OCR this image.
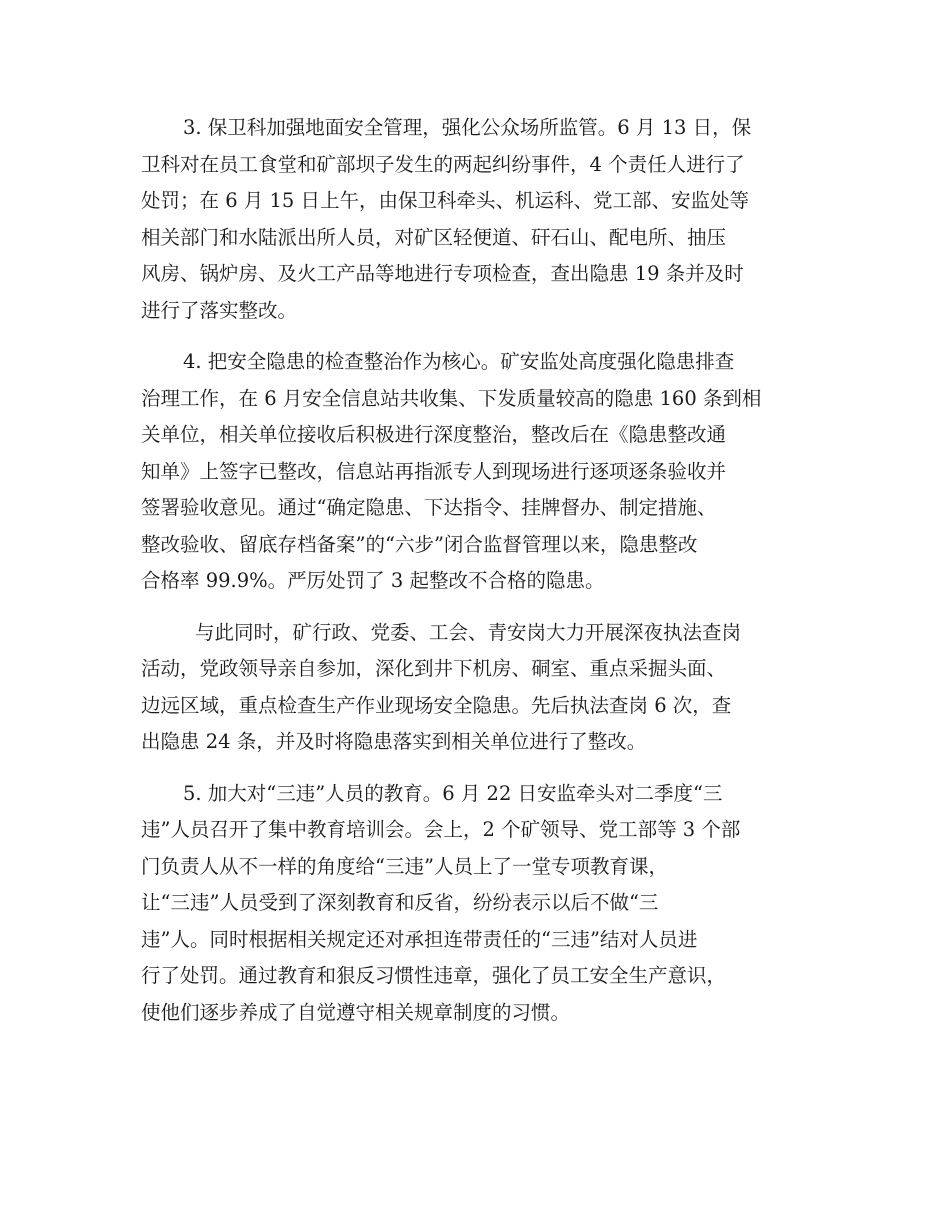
3. 保卫科加强地面安全管理，强化公众场所监管。6 月 13 日，保
卫科对在员工食堂和矿部坝子发生的两起纠纷事件，4 个责任人进行了
处罚；在 6 月 15 日上午，由保卫科牵头、机运科、党工部、安监处等
相关部门和水陆派出所人员，对矿区轻便道、矸石山、配电所、抽压
风房、锅炉房、及火工产品等地进行专项检查，查出隐患 19 条并及时
进行了落实整改。

4. 把安全隐患的检查整治作为核心。矿安监处高度强化隐患排查
治理工作，在 6 月安全信息站共收集、下发质量较高的隐患 160 条到相
关单位，相关单位接收后积极进行深度整治，整改后在《隐患整改通
知单》上签字已整改，信息站再指派专人到现场进行逐项逐条验收并
签署验收意见。通过“确定隐患、下达指令、挂牌督办、制定措施、
整改验收、留底存档备案”的“六步”闭合监督管理以来，隐患整改
合格率 99.9%。严厉处罚了 3 起整改不合格的隐患。

与此同时，矿行政、党委、工会、青安岗大力开展深夜执法查岗
活动，党政领导亲自参加，深化到井下机房、硐室、重点采掘头面、
边远区域，重点检查生产作业现场安全隐患。先后执法查岗 6 次，查
出隐患 24 条，并及时将隐患落实到相关单位进行了整改。

5. 加大对“三违”人员的教育。6 月 22 日安监牵头对二季度“三
违”人员召开了集中教育培训会。会上，2 个矿领导、党工部等 3 个部
门负责人从不一样的角度给“三违”人员上了一堂专项教育课，
让“三违”人员受到了深刻教育和反省，纷纷表示以后不做“三
违”人。同时根据相关规定还对承担连带责任的“三违”结对人员进
行了处罚。通过教育和狠反习惯性违章，强化了员工安全生产意识，
使他们逐步养成了自觉遵守相关规章制度的习惯。
